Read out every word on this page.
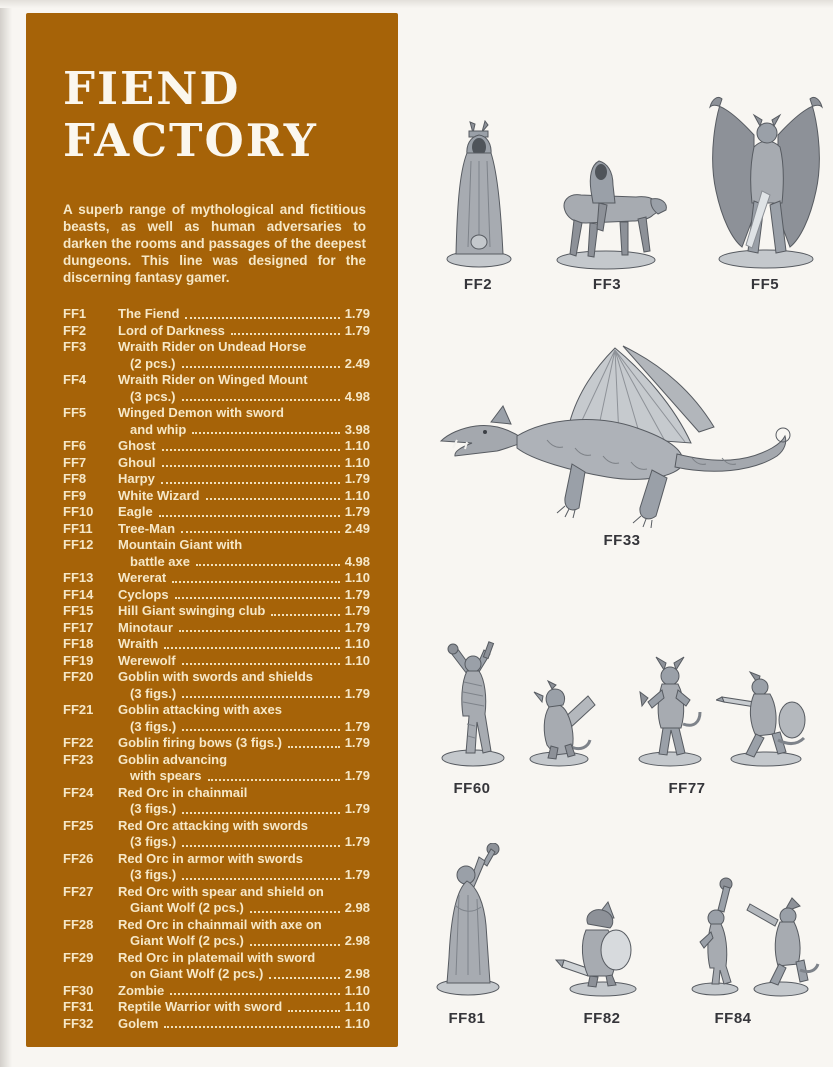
FIEND
FACTORY

A superb range of mythological and fictitious beasts, as well as human adversaries to darken the rooms and passages of the deepest dungeons. This line was designed for the discerning fantasy gamer.

FF1	The Fiend	1.79
FF2	Lord of Darkness	1.79
FF3	Wraith Rider on Undead Horse
(2 pcs.)	2.49
FF4	Wraith Rider on Winged Mount
(3 pcs.)	4.98
FF5	Winged Demon with sword
and whip	3.98
FF6	Ghost	1.10
FF7	Ghoul	1.10
FF8	Harpy	1.79
FF9	White Wizard	1.10
FF10	Eagle	1.79
FF11	Tree-Man	2.49
FF12	Mountain Giant with
battle axe	4.98
FF13	Wererat	1.10
FF14	Cyclops	1.79
FF15	Hill Giant swinging club	1.79
FF17	Minotaur	1.79
FF18	Wraith	1.10
FF19	Werewolf	1.10
FF20	Goblin with swords and shields
(3 figs.)	1.79
FF21	Goblin attacking with axes
(3 figs.)	1.79
FF22	Goblin firing bows (3 figs.)	1.79
FF23	Goblin advancing
with spears	1.79
FF24	Red Orc in chainmail
(3 figs.)	1.79
FF25	Red Orc attacking with swords
(3 figs.)	1.79
FF26	Red Orc in armor with swords
(3 figs.)	1.79
FF27	Red Orc with spear and shield on
Giant Wolf (2 pcs.)	2.98
FF28	Red Orc in chainmail with axe on
Giant Wolf (2 pcs.)	2.98
FF29	Red Orc in platemail with sword
on Giant Wolf (2 pcs.)	2.98
FF30	Zombie	1.10
FF31	Reptile Warrior with sword	1.10
FF32	Golem	1.10
FF2	FF3	FF5
FF33
FF60	FF77
FF81	FF82	FF84
